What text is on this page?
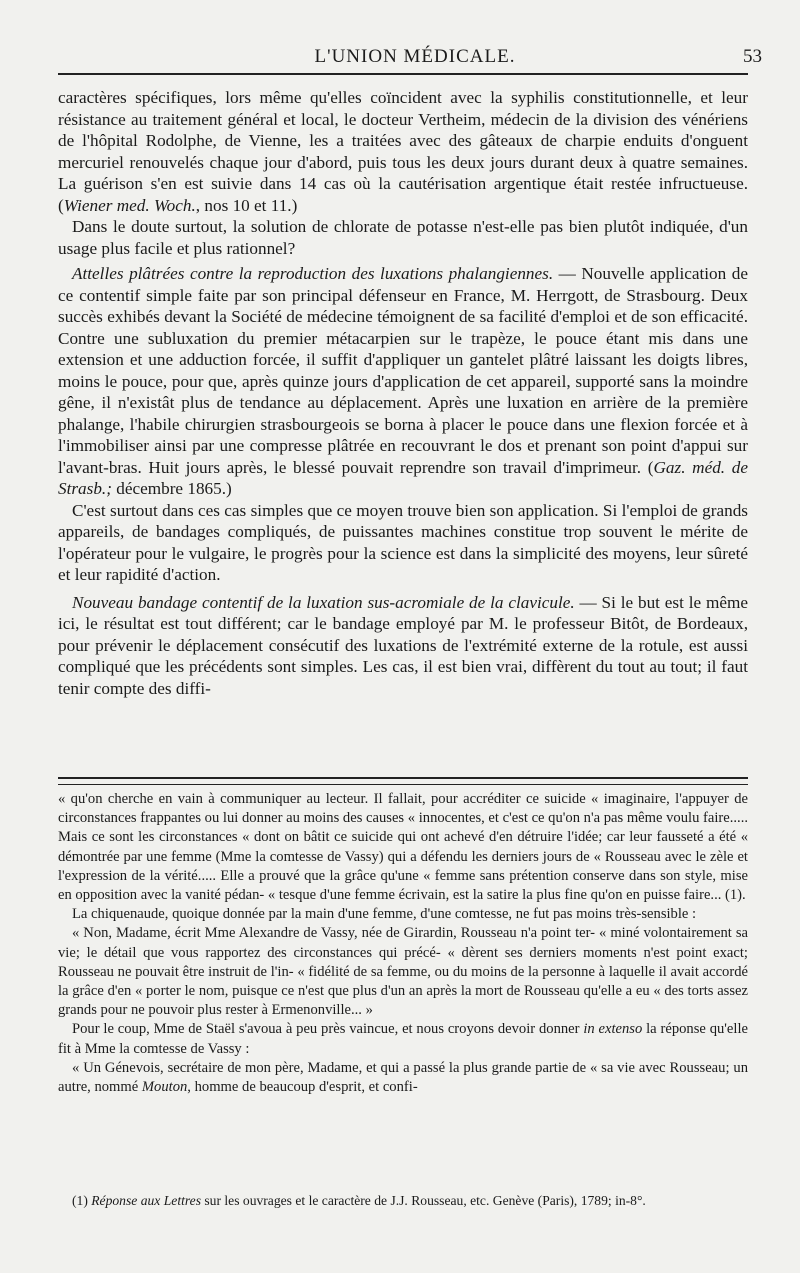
L'UNION MÉDICALE.	53

caractères spécifiques, lors même qu'elles coïncident avec la syphilis constitutionnelle, et leur résistance au traitement général et local, le docteur Vertheim, médecin de la division des vénériens de l'hôpital Rodolphe, de Vienne, les a traitées avec des gâteaux de charpie enduits d'onguent mercuriel renouvelés chaque jour d'abord, puis tous les deux jours durant deux à quatre semaines. La guérison s'en est suivie dans 14 cas où la cautérisation argentique était restée infructueuse. (Wiener med. Woch., nos 10 et 11.)

Dans le doute surtout, la solution de chlorate de potasse n'est-elle pas bien plutôt indiquée, d'un usage plus facile et plus rationnel?

Attelles plâtrées contre la reproduction des luxations phalangiennes. — Nouvelle application de ce contentif simple faite par son principal défenseur en France, M. Herrgott, de Strasbourg. Deux succès exhibés devant la Société de médecine témoignent de sa facilité d'emploi et de son efficacité. Contre une subluxation du premier métacarpien sur le trapèze, le pouce étant mis dans une extension et une adduction forcée, il suffit d'appliquer un gantelet plâtré laissant les doigts libres, moins le pouce, pour que, après quinze jours d'application de cet appareil, supporté sans la moindre gêne, il n'existât plus de tendance au déplacement. Après une luxation en arrière de la première phalange, l'habile chirurgien strasbourgeois se borna à placer le pouce dans une flexion forcée et à l'immobiliser ainsi par une compresse plâtrée en recouvrant le dos et prenant son point d'appui sur l'avant-bras. Huit jours après, le blessé pouvait reprendre son travail d'imprimeur. (Gaz. méd. de Strasb.; décembre 1865.)

C'est surtout dans ces cas simples que ce moyen trouve bien son application. Si l'emploi de grands appareils, de bandages compliqués, de puissantes machines constitue trop souvent le mérite de l'opérateur pour le vulgaire, le progrès pour la science est dans la simplicité des moyens, leur sûreté et leur rapidité d'action.

Nouveau bandage contentif de la luxation sus-acromiale de la clavicule. — Si le but est le même ici, le résultat est tout différent; car le bandage employé par M. le professeur Bitôt, de Bordeaux, pour prévenir le déplacement consécutif des luxations de l'extrémité externe de la rotule, est aussi compliqué que les précédents sont simples. Les cas, il est bien vrai, diffèrent du tout au tout; il faut tenir compte des diffi-

« qu'on cherche en vain à communiquer au lecteur. Il fallait, pour accréditer ce suicide « imaginaire, l'appuyer de circonstances frappantes ou lui donner au moins des causes « innocentes, et c'est ce qu'on n'a pas même voulu faire..... Mais ce sont les circonstances « dont on bâtit ce suicide qui ont achevé d'en détruire l'idée; car leur fausseté a été « démontrée par une femme (Mme la comtesse de Vassy) qui a défendu les derniers jours de « Rousseau avec le zèle et l'expression de la vérité..... Elle a prouvé que la grâce qu'une « femme sans prétention conserve dans son style, mise en opposition avec la vanité pédan- « tesque d'une femme écrivain, est la satire la plus fine qu'on en puisse faire... (1).

La chiquenaude, quoique donnée par la main d'une femme, d'une comtesse, ne fut pas moins très-sensible :

« Non, Madame, écrit Mme Alexandre de Vassy, née de Girardin, Rousseau n'a point ter- « miné volontairement sa vie; le détail que vous rapportez des circonstances qui précé- « dèrent ses derniers moments n'est point exact; Rousseau ne pouvait être instruit de l'in- « fidélité de sa femme, ou du moins de la personne à laquelle il avait accordé la grâce d'en « porter le nom, puisque ce n'est que plus d'un an après la mort de Rousseau qu'elle a eu « des torts assez grands pour ne pouvoir plus rester à Ermenonville... »

Pour le coup, Mme de Staël s'avoua à peu près vaincue, et nous croyons devoir donner in extenso la réponse qu'elle fit à Mme la comtesse de Vassy :

« Un Génevois, secrétaire de mon père, Madame, et qui a passé la plus grande partie de « sa vie avec Rousseau; un autre, nommé Mouton, homme de beaucoup d'esprit, et confi-

(1) Réponse aux Lettres sur les ouvrages et le caractère de J.J. Rousseau, etc. Genève (Paris), 1789; in-8°.
